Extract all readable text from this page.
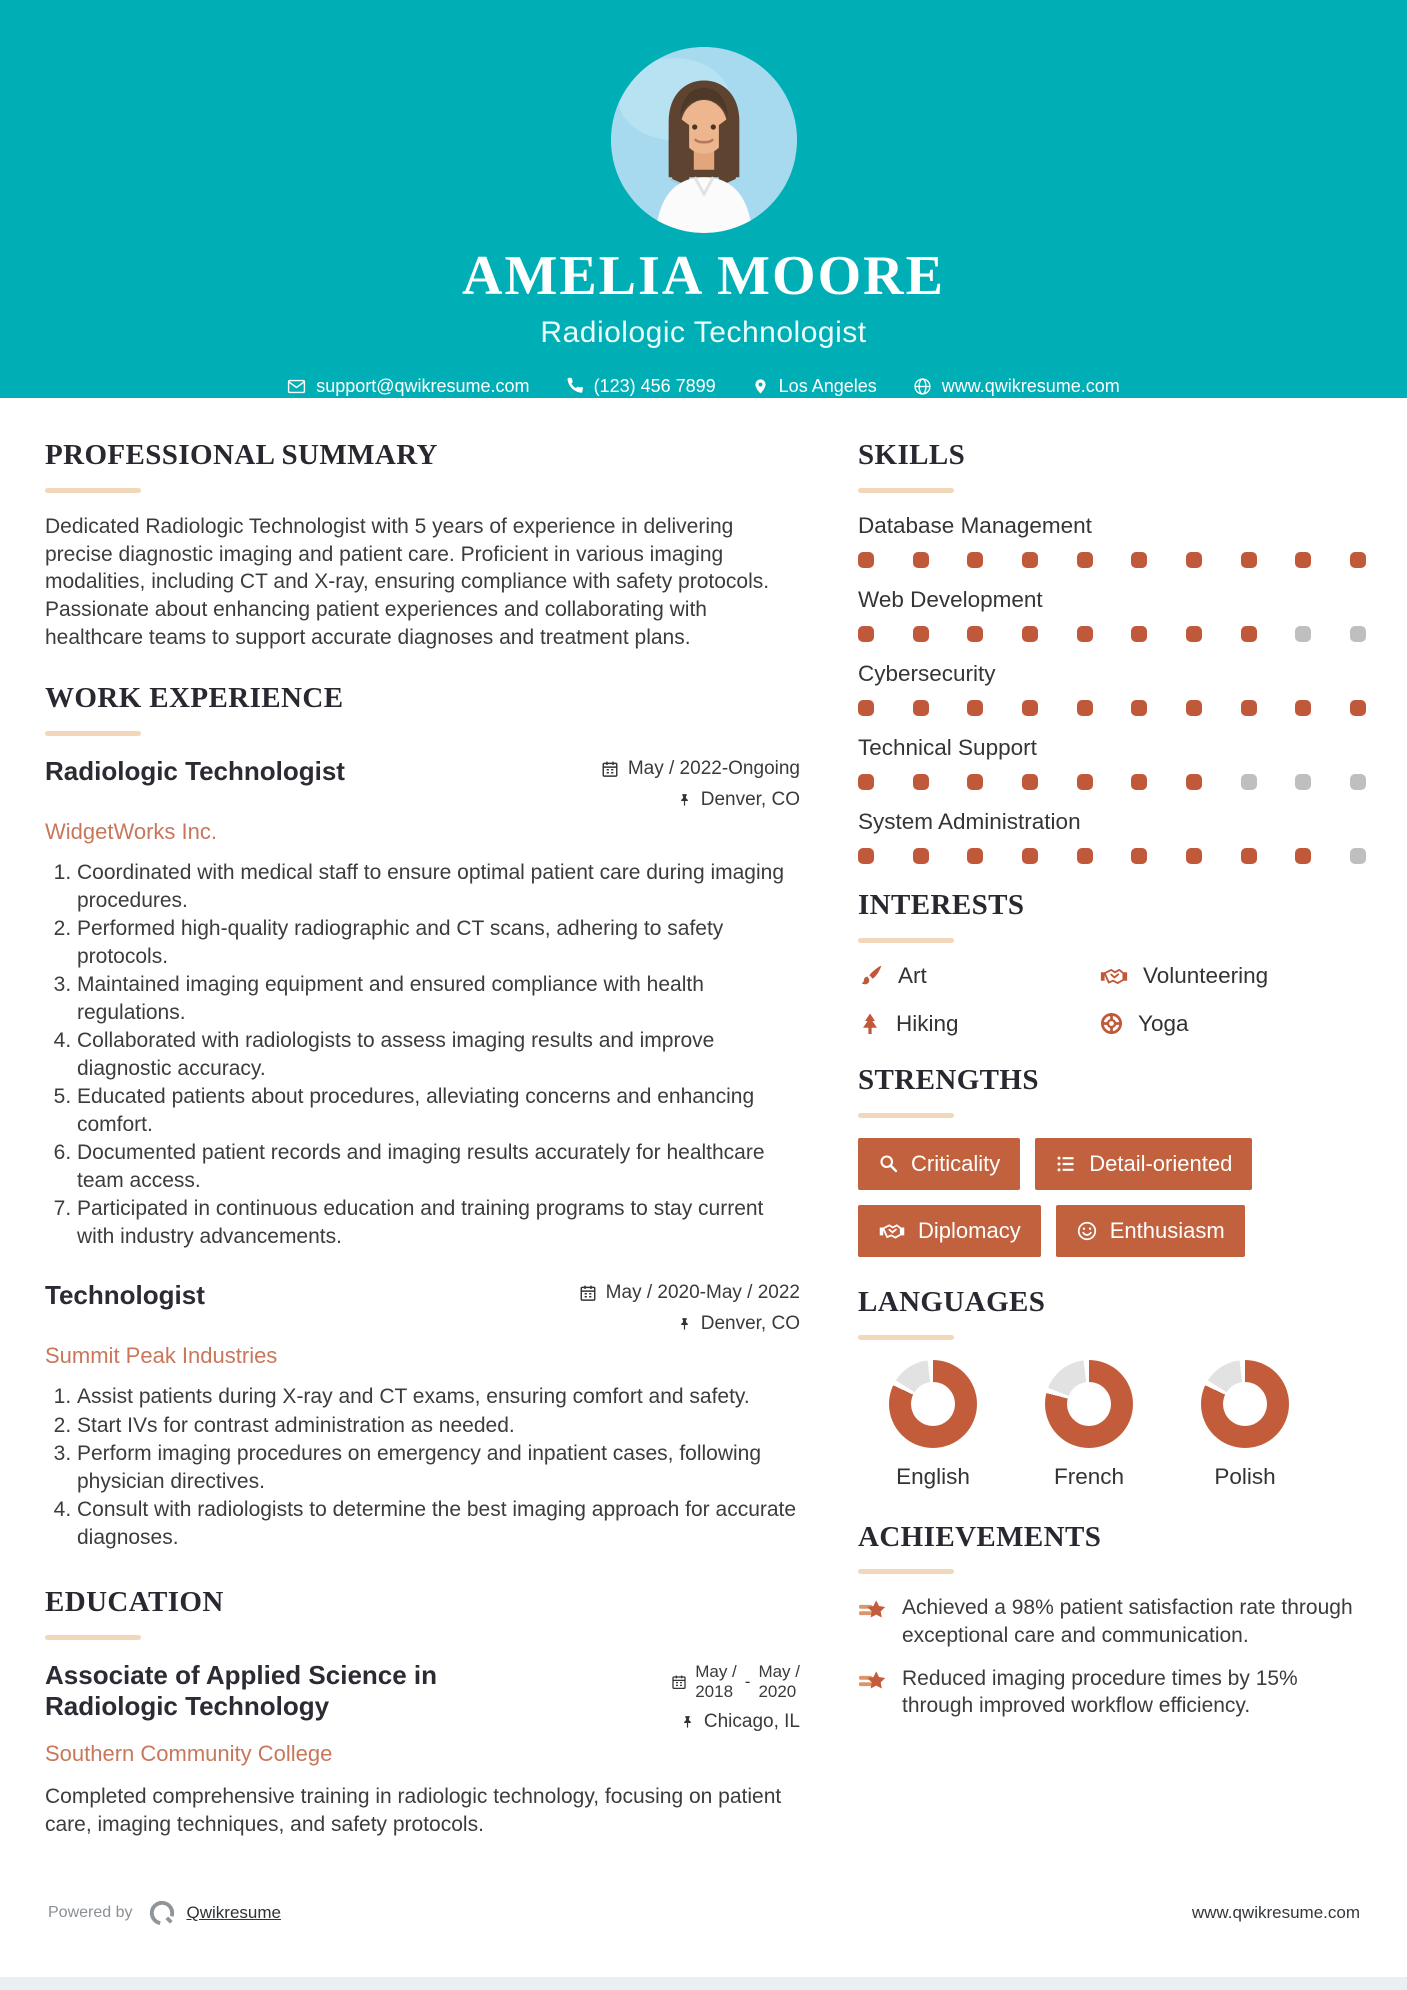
AMELIA MOORE
Radiologic Technologist
support@qwikresume.com	(123) 456 7899	Los Angeles	www.qwikresume.com
PROFESSIONAL SUMMARY

Dedicated Radiologic Technologist with 5 years of experience in delivering precise diagnostic imaging and patient care. Proficient in various imaging modalities, including CT and X-ray, ensuring compliance with safety protocols. Passionate about enhancing patient experiences and collaborating with healthcare teams to support accurate diagnoses and treatment plans.

WORK EXPERIENCE
Radiologic Technologist	May / 2022-Ongoing
Denver, CO
WidgetWorks Inc.
1. Coordinated with medical staff to ensure optimal patient care during imaging procedures.
2. Performed high-quality radiographic and CT scans, adhering to safety protocols.
3. Maintained imaging equipment and ensured compliance with health regulations.
4. Collaborated with radiologists to assess imaging results and improve diagnostic accuracy.
5. Educated patients about procedures, alleviating concerns and enhancing comfort.
6. Documented patient records and imaging results accurately for healthcare team access.
7. Participated in continuous education and training programs to stay current with industry advancements.
Technologist	May / 2020-May / 2022
Denver, CO
Summit Peak Industries
1. Assist patients during X-ray and CT exams, ensuring comfort and safety.
2. Start IVs for contrast administration as needed.
3. Perform imaging procedures on emergency and inpatient cases, following physician directives.
4. Consult with radiologists to determine the best imaging approach for accurate diagnoses.
EDUCATION
Associate of Applied Science in Radiologic Technology
May /
2018
-
May /
2020
Chicago, IL
Southern Community College

Completed comprehensive training in radiologic technology, focusing on patient care, imaging techniques, and safety protocols.

SKILLS
Database Management
Web Development
Cybersecurity
Technical Support
System Administration
INTERESTS
Art	Volunteering
Hiking	Yoga
STRENGTHS
Criticality	Detail-oriented
Diplomacy	Enthusiasm
LANGUAGES
English	French	Polish
ACHIEVEMENTS
Achieved a 98% patient satisfaction rate through exceptional care and communication.
Reduced imaging procedure times by 15% through improved workflow efficiency.
Powered by	Qwikresume	www.qwikresume.com
